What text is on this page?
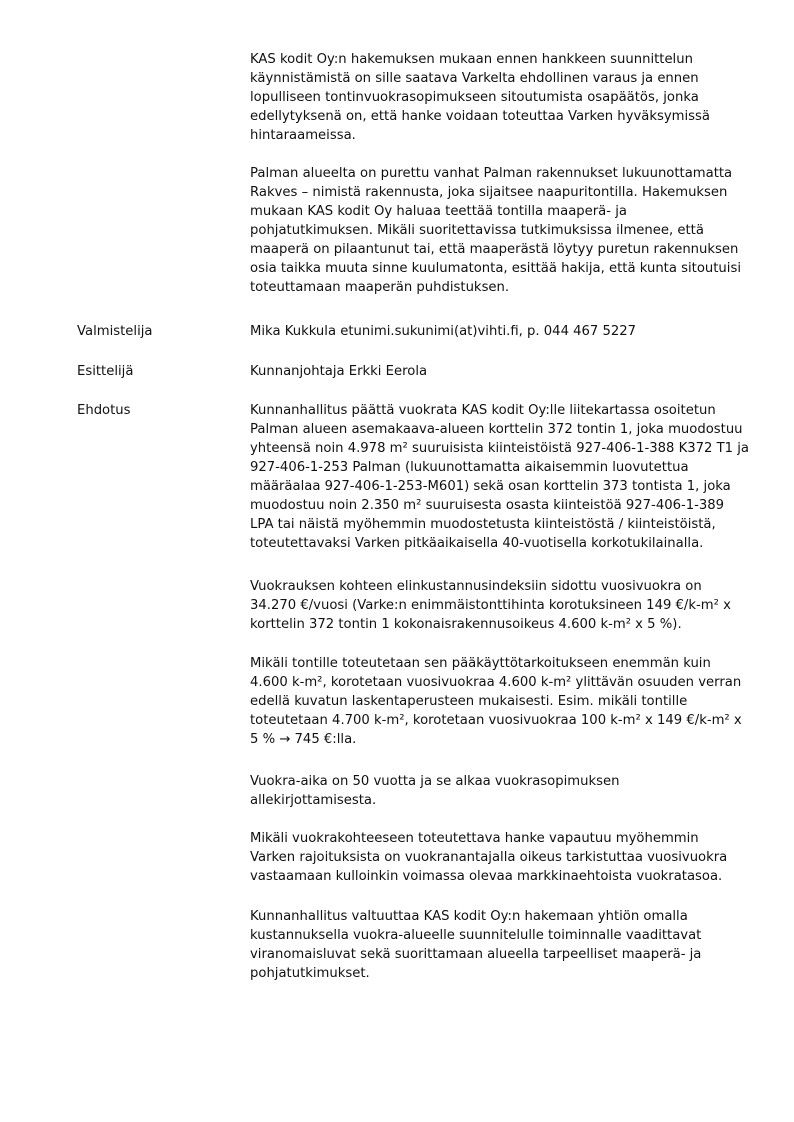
KAS kodit Oy:n hakemuksen mukaan ennen hankkeen suunnittelun
käynnistämistä on sille saatava Varkelta ehdollinen varaus ja ennen
lopulliseen tontinvuokrasopimukseen sitoutumista osapäätös, jonka
edellytyksenä on, että hanke voidaan toteuttaa Varken hyväksymissä
hintaraameissa.
Palman alueelta on purettu vanhat Palman rakennukset lukuunottamatta
Rakves – nimistä rakennusta, joka sijaitsee naapuritontilla. Hakemuksen
mukaan KAS kodit Oy haluaa teettää tontilla maaperä- ja
pohjatutkimuksen. Mikäli suoritettavissa tutkimuksissa ilmenee, että
maaperä on pilaantunut tai, että maaperästä löytyy puretun rakennuksen
osia taikka muuta sinne kuulumatonta, esittää hakija, että kunta sitoutuisi
toteuttamaan maaperän puhdistuksen.
Valmistelija	Mika Kukkula etunimi.sukunimi(at)vihti.fi, p. 044 467 5227
Esittelijä	Kunnanjohtaja Erkki Eerola
Ehdotus	Kunnanhallitus päättä vuokrata KAS kodit Oy:lle liitekartassa osoitetun
Palman alueen asemakaava-alueen korttelin 372 tontin 1, joka muodostuu
yhteensä noin 4.978 m² suuruisista kiinteistöistä 927-406-1-388 K372 T1 ja
927-406-1-253 Palman (lukuunottamatta aikaisemmin luovutettua
määräalaa 927-406-1-253-M601) sekä osan korttelin 373 tontista 1, joka
muodostuu noin 2.350 m² suuruisesta osasta kiinteistöä 927-406-1-389
LPA tai näistä myöhemmin muodostetusta kiinteistöstä / kiinteistöistä,
toteutettavaksi Varken pitkäaikaisella 40-vuotisella korkotukilainalla.
Vuokrauksen kohteen elinkustannusindeksiin sidottu vuosivuokra on
34.270 €/vuosi (Varke:n enimmäistonttihinta korotuksineen 149 €/k-m² x
korttelin 372 tontin 1 kokonaisrakennusoikeus 4.600 k-m² x 5 %).
Mikäli tontille toteutetaan sen pääkäyttötarkoitukseen enemmän kuin
4.600 k-m², korotetaan vuosivuokraa 4.600 k-m² ylittävän osuuden verran
edellä kuvatun laskentaperusteen mukaisesti. Esim. mikäli tontille
toteutetaan 4.700 k-m², korotetaan vuosivuokraa 100 k-m² x 149 €/k-m² x
5 % → 745 €:lla.
Vuokra-aika on 50 vuotta ja se alkaa vuokrasopimuksen
allekirjottamisesta.
Mikäli vuokrakohteeseen toteutettava hanke vapautuu myöhemmin
Varken rajoituksista on vuokranantajalla oikeus tarkistuttaa vuosivuokra
vastaamaan kulloinkin voimassa olevaa markkinaehtoista vuokratasoa.
Kunnanhallitus valtuuttaa KAS kodit Oy:n hakemaan yhtiön omalla
kustannuksella vuokra-alueelle suunnitelulle toiminnalle vaadittavat
viranomaisluvat sekä suorittamaan alueella tarpeelliset maaperä- ja
pohjatutkimukset.
